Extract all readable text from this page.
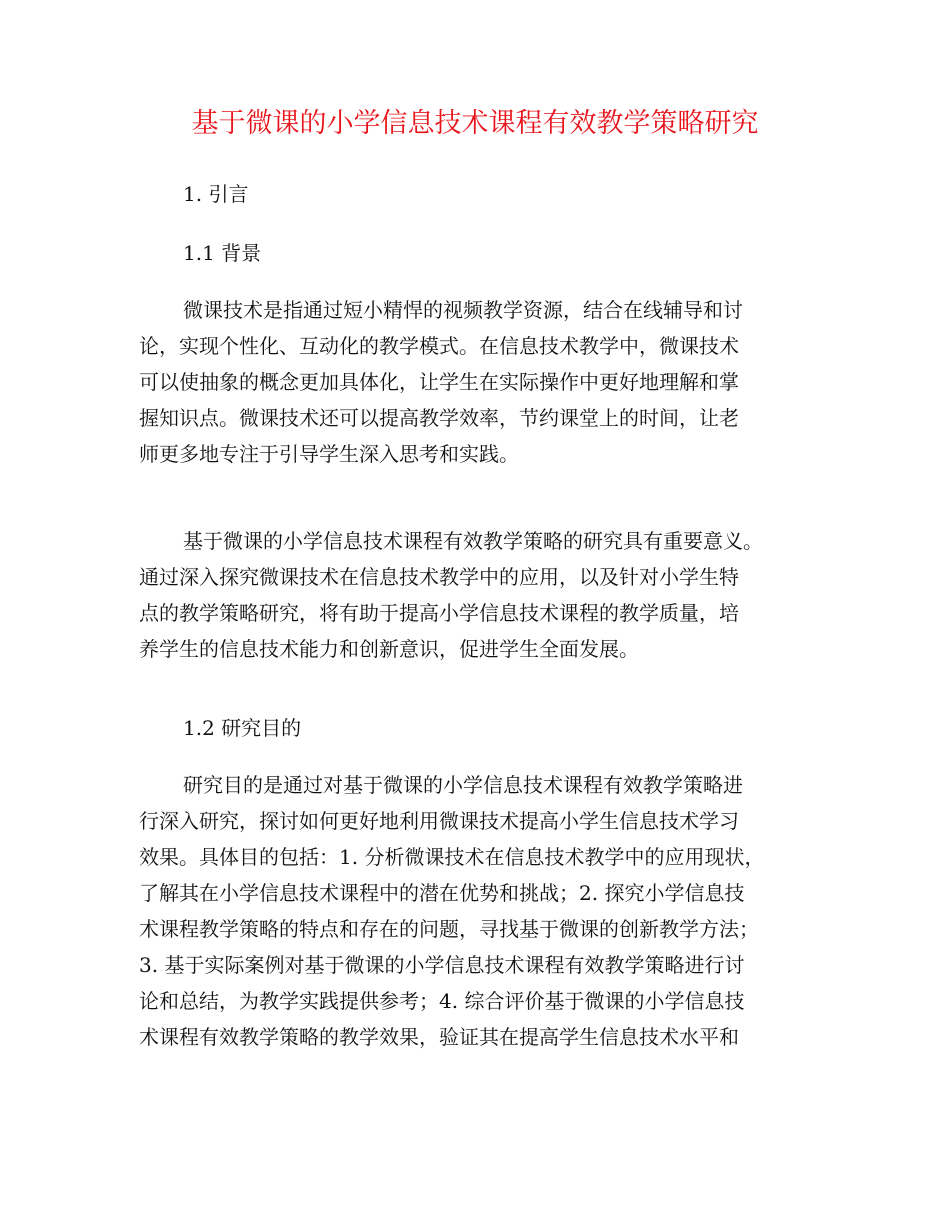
基于微课的小学信息技术课程有效教学策略研究

1. 引言

1.1 背景

微课技术是指通过短小精悍的视频教学资源，结合在线辅导和讨
论，实现个性化、互动化的教学模式。在信息技术教学中，微课技术
可以使抽象的概念更加具体化，让学生在实际操作中更好地理解和掌
握知识点。微课技术还可以提高教学效率，节约课堂上的时间，让老
师更多地专注于引导学生深入思考和实践。
基于微课的小学信息技术课程有效教学策略的研究具有重要意义。
通过深入探究微课技术在信息技术教学中的应用，以及针对小学生特
点的教学策略研究，将有助于提高小学信息技术课程的教学质量，培
养学生的信息技术能力和创新意识，促进学生全面发展。

1.2 研究目的

研究目的是通过对基于微课的小学信息技术课程有效教学策略进
行深入研究，探讨如何更好地利用微课技术提高小学生信息技术学习
效果。具体目的包括：1. 分析微课技术在信息技术教学中的应用现状，
了解其在小学信息技术课程中的潜在优势和挑战；2. 探究小学信息技
术课程教学策略的特点和存在的问题，寻找基于微课的创新教学方法；
3. 基于实际案例对基于微课的小学信息技术课程有效教学策略进行讨
论和总结，为教学实践提供参考；4. 综合评价基于微课的小学信息技
术课程有效教学策略的教学效果，验证其在提高学生信息技术水平和
